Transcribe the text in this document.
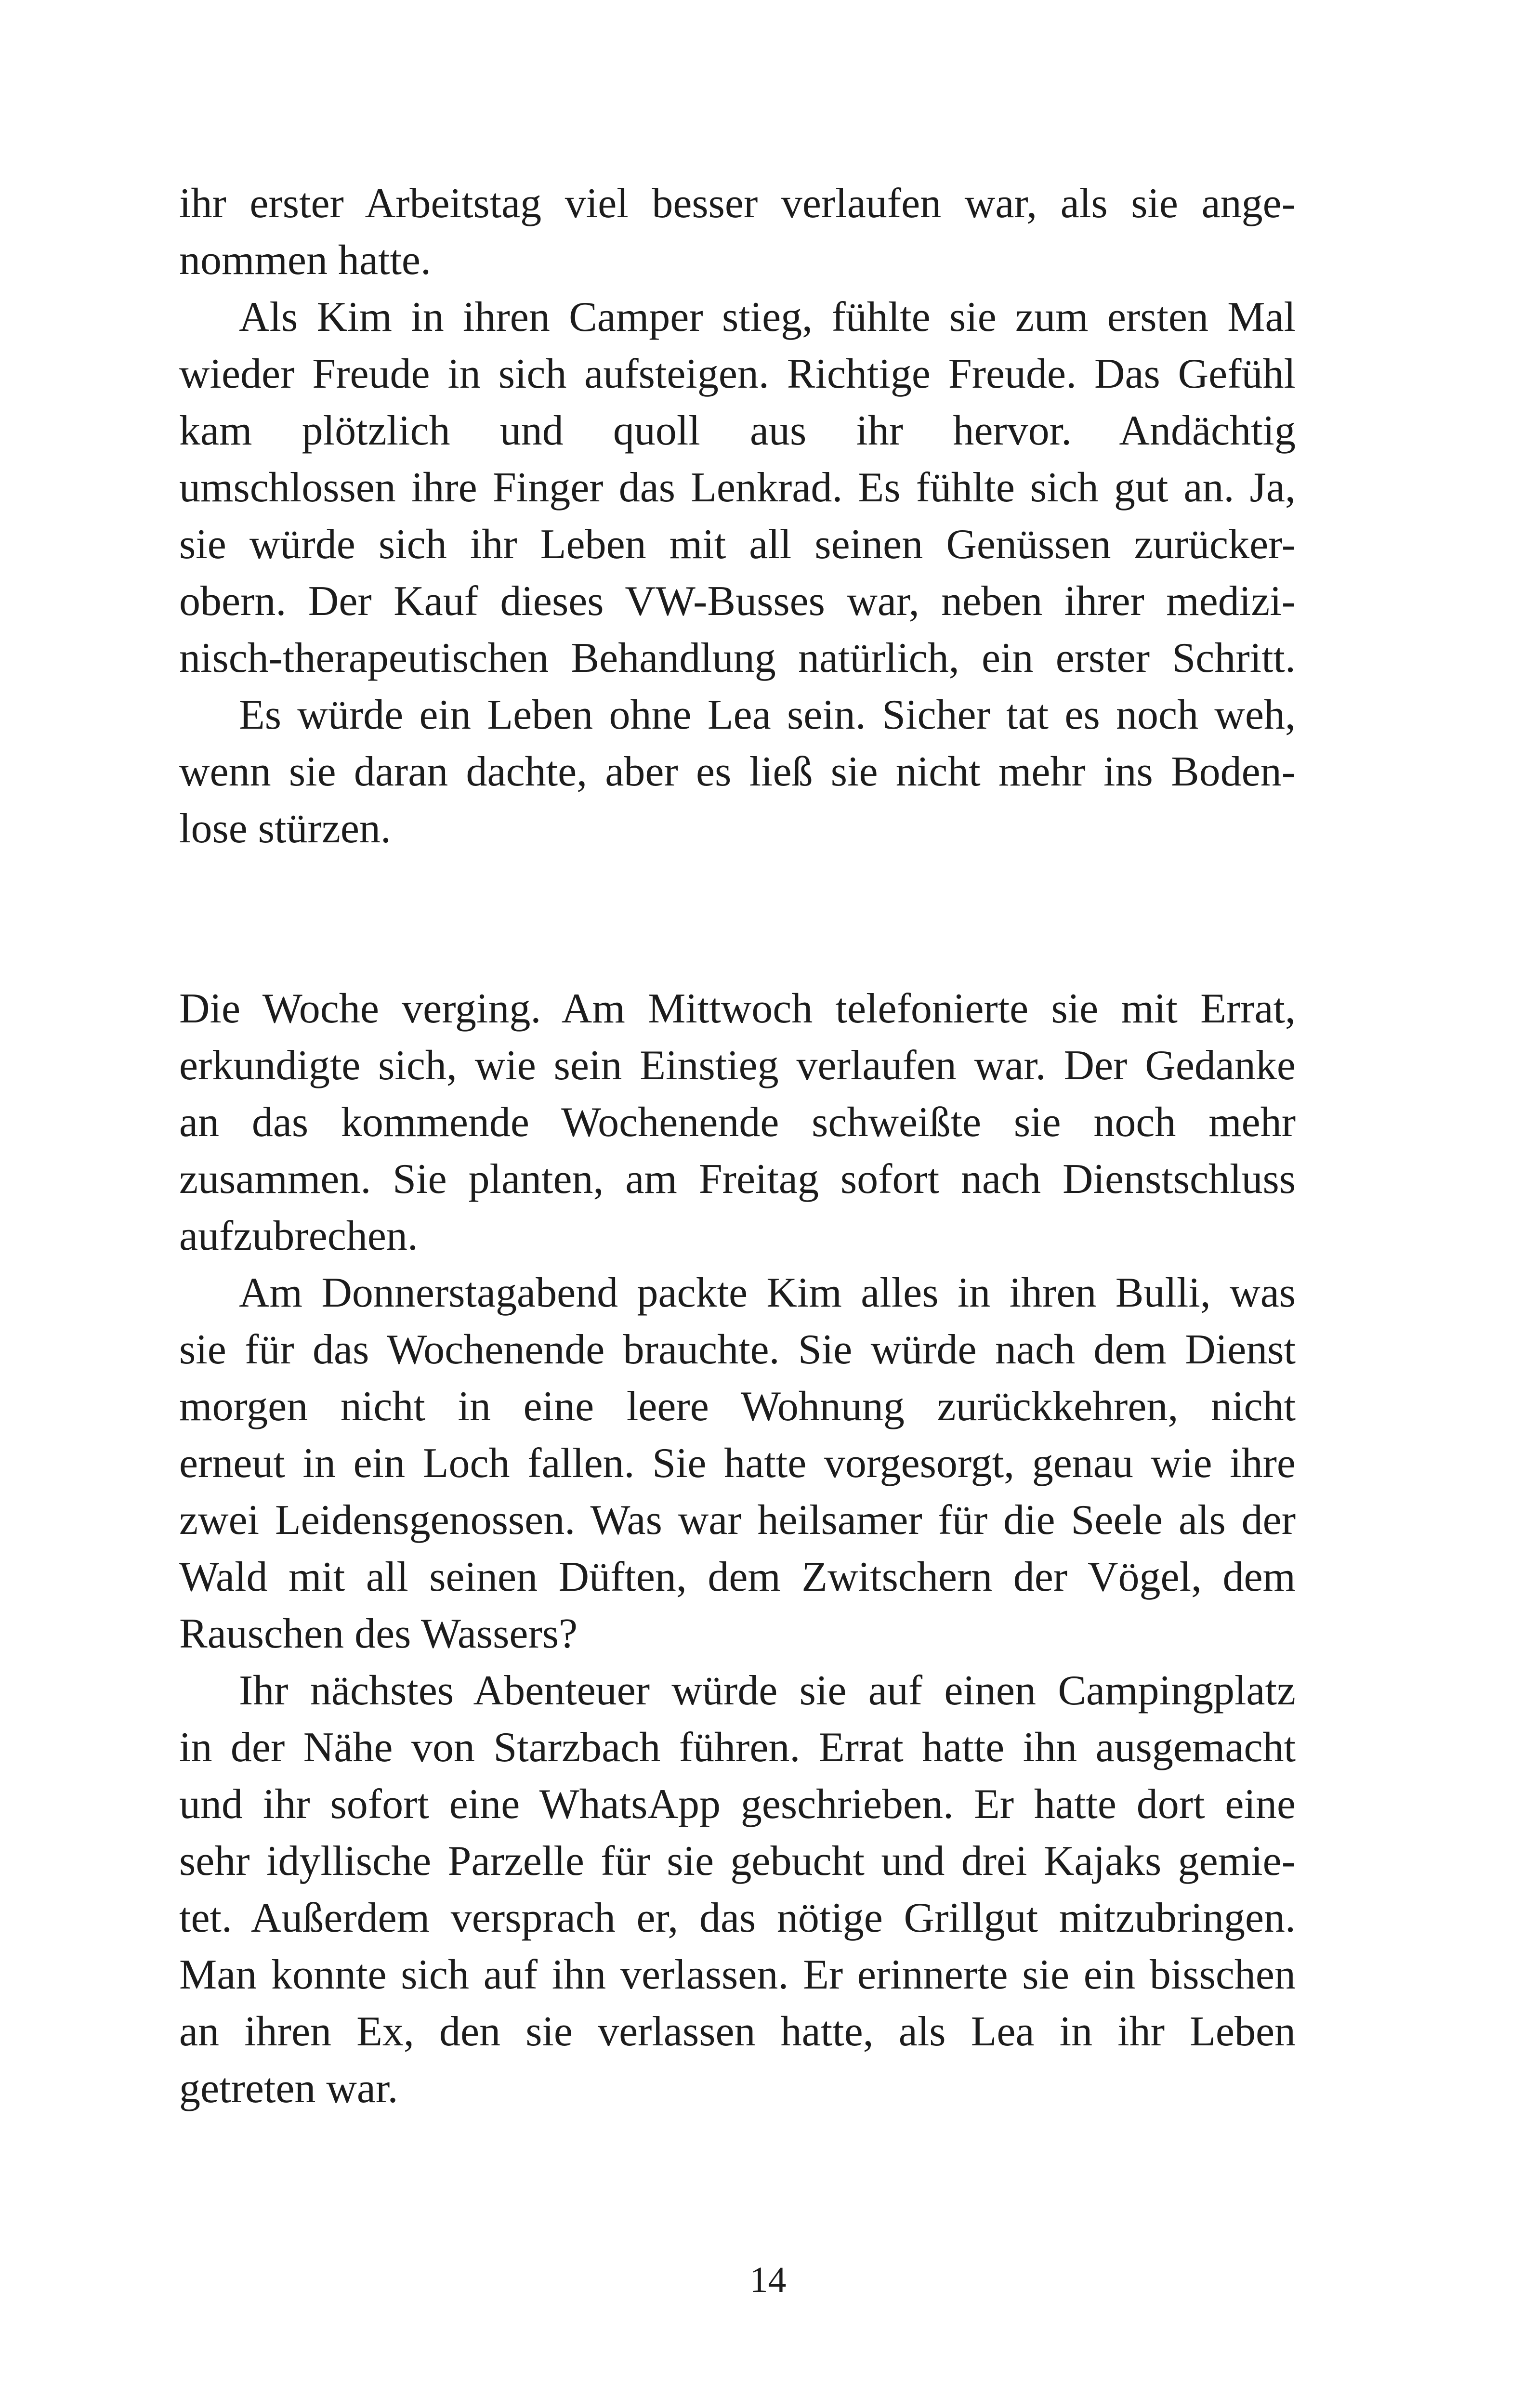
ihr erster Arbeitstag viel besser verlaufen war, als sie ange-
nommen hatte.
Als Kim in ihren Camper stieg, fühlte sie zum ersten Mal
wieder Freude in sich aufsteigen. Richtige Freude. Das Gefühl
kam plötzlich und quoll aus ihr hervor. Andächtig
umschlossen ihre Finger das Lenkrad. Es fühlte sich gut an. Ja,
sie würde sich ihr Leben mit all seinen Genüssen zurücker-
obern. Der Kauf dieses VW-Busses war, neben ihrer medizi-
nisch-therapeutischen Behandlung natürlich, ein erster Schritt.
Es würde ein Leben ohne Lea sein. Sicher tat es noch weh,
wenn sie daran dachte, aber es ließ sie nicht mehr ins Boden-
lose stürzen.
Die Woche verging. Am Mittwoch telefonierte sie mit Errat,
erkundigte sich, wie sein Einstieg verlaufen war. Der Gedanke
an das kommende Wochenende schweißte sie noch mehr
zusammen. Sie planten, am Freitag sofort nach Dienstschluss
aufzubrechen.
Am Donnerstagabend packte Kim alles in ihren Bulli, was
sie für das Wochenende brauchte. Sie würde nach dem Dienst
morgen nicht in eine leere Wohnung zurückkehren, nicht
erneut in ein Loch fallen. Sie hatte vorgesorgt, genau wie ihre
zwei Leidensgenossen. Was war heilsamer für die Seele als der
Wald mit all seinen Düften, dem Zwitschern der Vögel, dem
Rauschen des Wassers?
Ihr nächstes Abenteuer würde sie auf einen Campingplatz
in der Nähe von Starzbach führen. Errat hatte ihn ausgemacht
und ihr sofort eine WhatsApp geschrieben. Er hatte dort eine
sehr idyllische Parzelle für sie gebucht und drei Kajaks gemie-
tet. Außerdem versprach er, das nötige Grillgut mitzubringen.
Man konnte sich auf ihn verlassen. Er erinnerte sie ein bisschen
an ihren Ex, den sie verlassen hatte, als Lea in ihr Leben
getreten war.
14
